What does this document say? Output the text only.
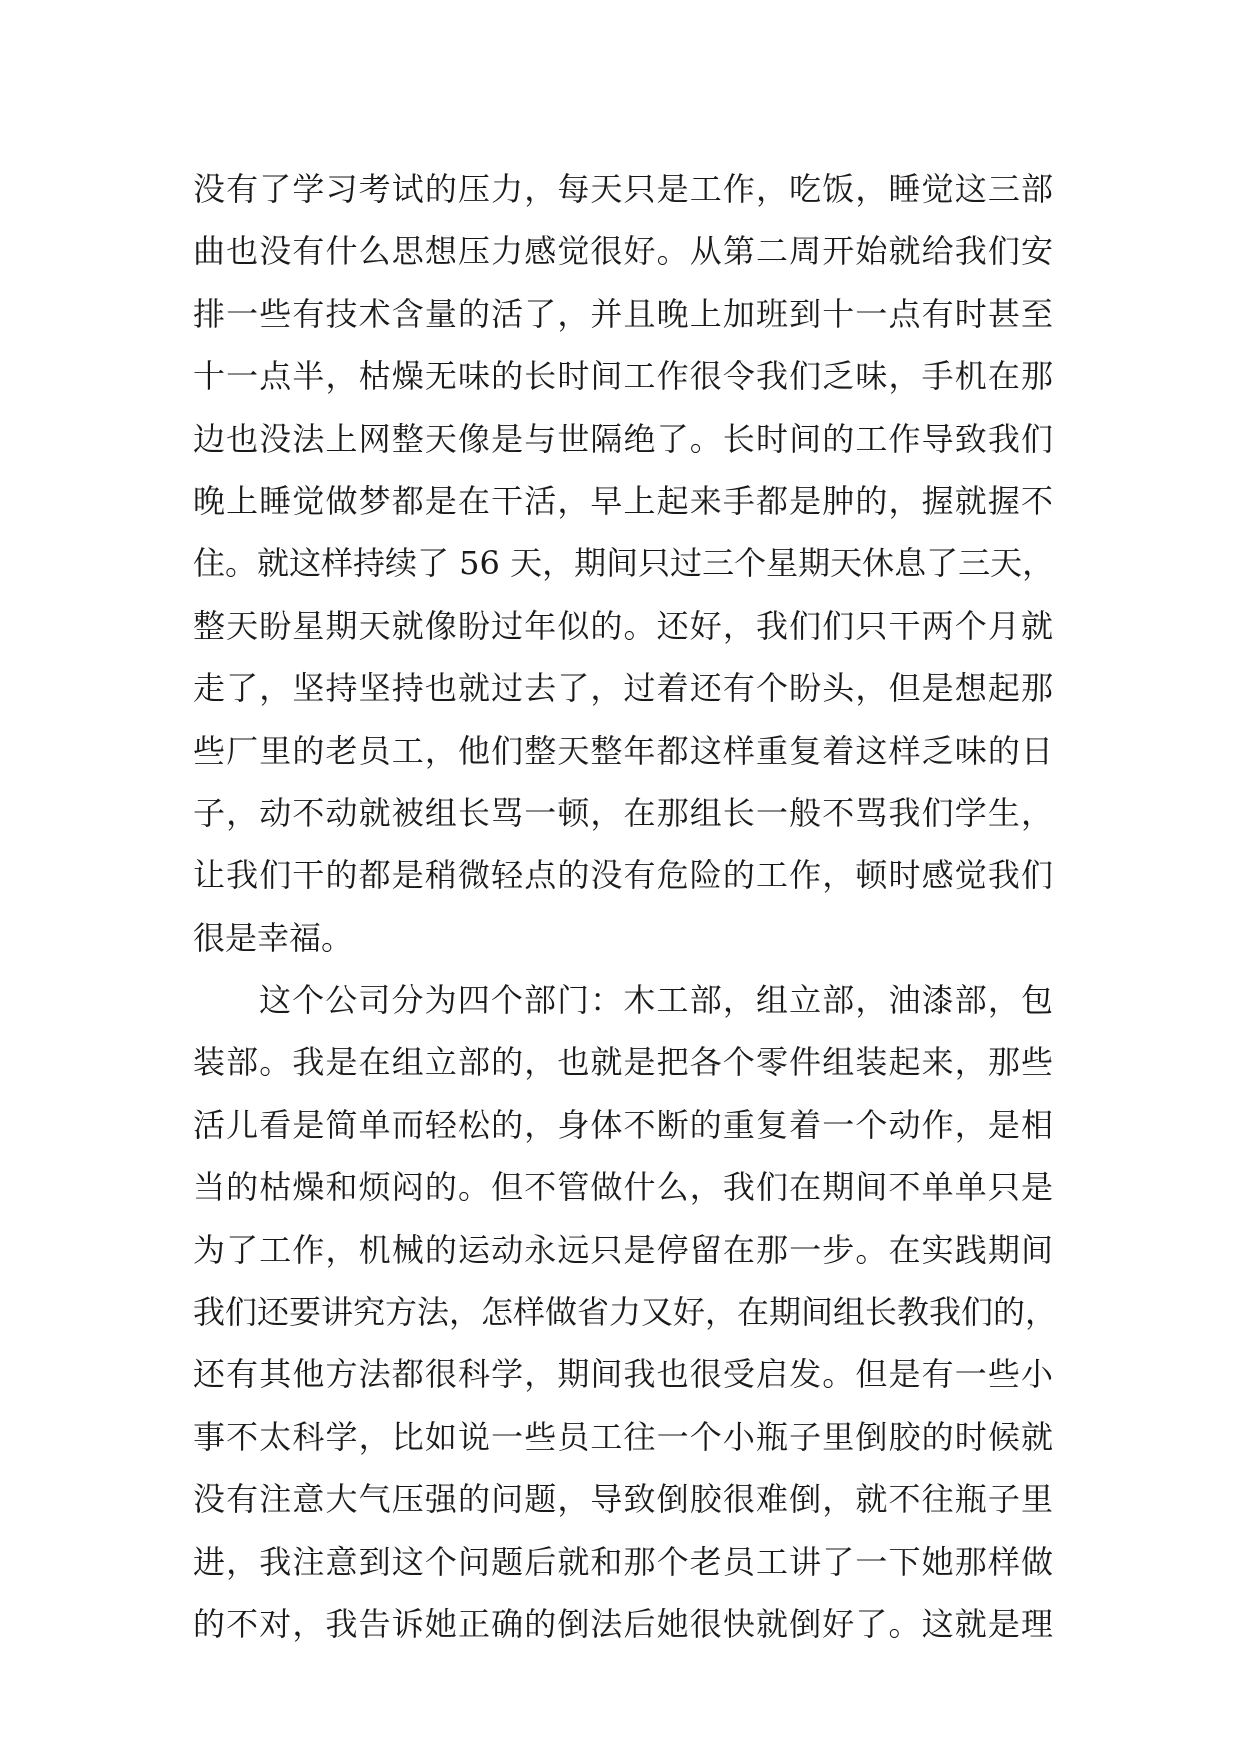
没有了学习考试的压力，每天只是工作，吃饭，睡觉这三部
曲也没有什么思想压力感觉很好。从第二周开始就给我们安
排一些有技术含量的活了，并且晚上加班到十一点有时甚至
十一点半，枯燥无味的长时间工作很令我们乏味，手机在那
边也没法上网整天像是与世隔绝了。长时间的工作导致我们
晚上睡觉做梦都是在干活，早上起来手都是肿的，握就握不
住。就这样持续了 56 天，期间只过三个星期天休息了三天，
整天盼星期天就像盼过年似的。还好，我们们只干两个月就
走了，坚持坚持也就过去了，过着还有个盼头，但是想起那
些厂里的老员工，他们整天整年都这样重复着这样乏味的日
子，动不动就被组长骂一顿，在那组长一般不骂我们学生，
让我们干的都是稍微轻点的没有危险的工作，顿时感觉我们
很是幸福。
这个公司分为四个部门：木工部，组立部，油漆部，包
装部。我是在组立部的，也就是把各个零件组装起来，那些
活儿看是简单而轻松的，身体不断的重复着一个动作，是相
当的枯燥和烦闷的。但不管做什么，我们在期间不单单只是
为了工作，机械的运动永远只是停留在那一步。在实践期间
我们还要讲究方法，怎样做省力又好，在期间组长教我们的，
还有其他方法都很科学，期间我也很受启发。但是有一些小
事不太科学，比如说一些员工往一个小瓶子里倒胶的时候就
没有注意大气压强的问题，导致倒胶很难倒，就不往瓶子里
进，我注意到这个问题后就和那个老员工讲了一下她那样做
的不对，我告诉她正确的倒法后她很快就倒好了。这就是理
